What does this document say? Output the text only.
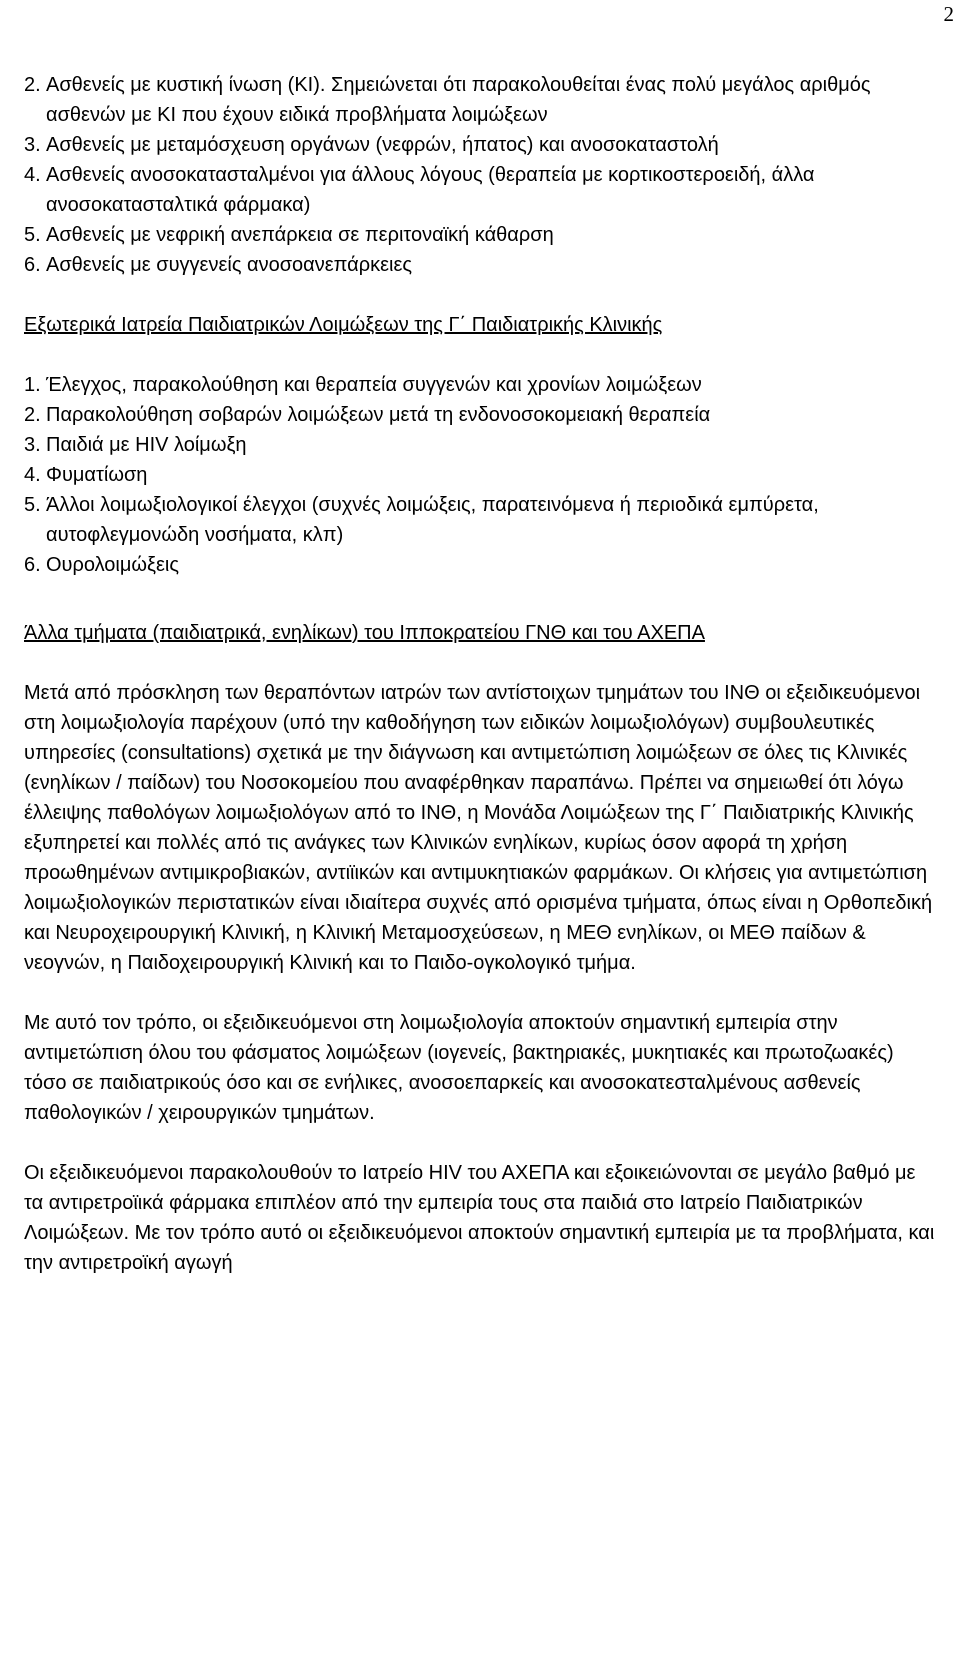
2
2. Ασθενείς με κυστική ίνωση (ΚΙ). Σημειώνεται ότι παρακολουθείται ένας πολύ μεγάλος αριθμός ασθενών με ΚΙ που έχουν ειδικά προβλήματα λοιμώξεων
3. Ασθενείς με μεταμόσχευση οργάνων (νεφρών, ήπατος) και ανοσοκαταστολή
4. Ασθενείς ανοσοκατασταλμένοι για άλλους λόγους (θεραπεία με κορτικοστεροειδή, άλλα ανοσοκατασταλτικά φάρμακα)
5. Ασθενείς με νεφρική ανεπάρκεια σε περιτοναϊκή κάθαρση
6. Ασθενείς με συγγενείς ανοσοανεπάρκειες
Εξωτερικά Ιατρεία Παιδιατρικών Λοιμώξεων της Γ΄ Παιδιατρικής Κλινικής
1. Έλεγχος, παρακολούθηση και θεραπεία συγγενών και χρονίων λοιμώξεων
2. Παρακολούθηση σοβαρών λοιμώξεων μετά τη ενδονοσοκομειακή θεραπεία
3. Παιδιά με HIV λοίμωξη
4. Φυματίωση
5. Άλλοι λοιμωξιολογικοί έλεγχοι (συχνές λοιμώξεις, παρατεινόμενα ή περιοδικά εμπύρετα, αυτοφλεγμονώδη νοσήματα, κλπ)
6. Ουρολοιμώξεις
Άλλα τμήματα (παιδιατρικά, ενηλίκων) του Ιπποκρατείου ΓΝΘ και του ΑΧΕΠΑ

Μετά από πρόσκληση των θεραπόντων ιατρών των αντίστοιχων τμημάτων του ΙΝΘ οι εξειδικευόμενοι στη λοιμωξιολογία παρέχουν (υπό την καθοδήγηση των ειδικών λοιμωξιολόγων) συμβουλευτικές υπηρεσίες (consultations) σχετικά με την διάγνωση και αντιμετώπιση λοιμώξεων σε όλες τις Κλινικές (ενηλίκων / παίδων) του Νοσοκομείου που αναφέρθηκαν παραπάνω. Πρέπει να σημειωθεί ότι λόγω έλλειψης παθολόγων λοιμωξιολόγων από το ΙΝΘ, η Μονάδα Λοιμώξεων της Γ΄ Παιδιατρικής Κλινικής εξυπηρετεί και πολλές από τις ανάγκες των Κλινικών ενηλίκων, κυρίως όσον αφορά τη χρήση προωθημένων αντιμικροβιακών, αντιϊικών και αντιμυκητιακών φαρμάκων. Οι κλήσεις για αντιμετώπιση λοιμωξιολογικών περιστατικών είναι ιδιαίτερα συχνές από ορισμένα τμήματα, όπως είναι η Ορθοπεδική και Νευροχειρουργική Κλινική, η Κλινική Μεταμοσχεύσεων, η ΜΕΘ ενηλίκων, οι ΜΕΘ παίδων & νεογνών, η Παιδοχειρουργική Κλινική και το Παιδο-ογκολογικό τμήμα.

Με αυτό τον τρόπο, οι εξειδικευόμενοι στη λοιμωξιολογία αποκτούν σημαντική εμπειρία στην αντιμετώπιση όλου του φάσματος λοιμώξεων (ιογενείς, βακτηριακές, μυκητιακές και πρωτοζωακές) τόσο σε παιδιατρικούς όσο και σε ενήλικες, ανοσοεπαρκείς και ανοσοκατεσταλμένους ασθενείς παθολογικών / χειρουργικών τμημάτων.

Οι εξειδικευόμενοι παρακολουθούν το Ιατρείο HIV του ΑΧΕΠΑ και εξοικειώνονται σε μεγάλο βαθμό με τα αντιρετροϊικά φάρμακα επιπλέον από την εμπειρία τους στα παιδιά στο Ιατρείο Παιδιατρικών Λοιμώξεων. Με τον τρόπο αυτό οι εξειδικευόμενοι αποκτούν σημαντική εμπειρία με τα προβλήματα, και την αντιρετροϊκή αγωγή
